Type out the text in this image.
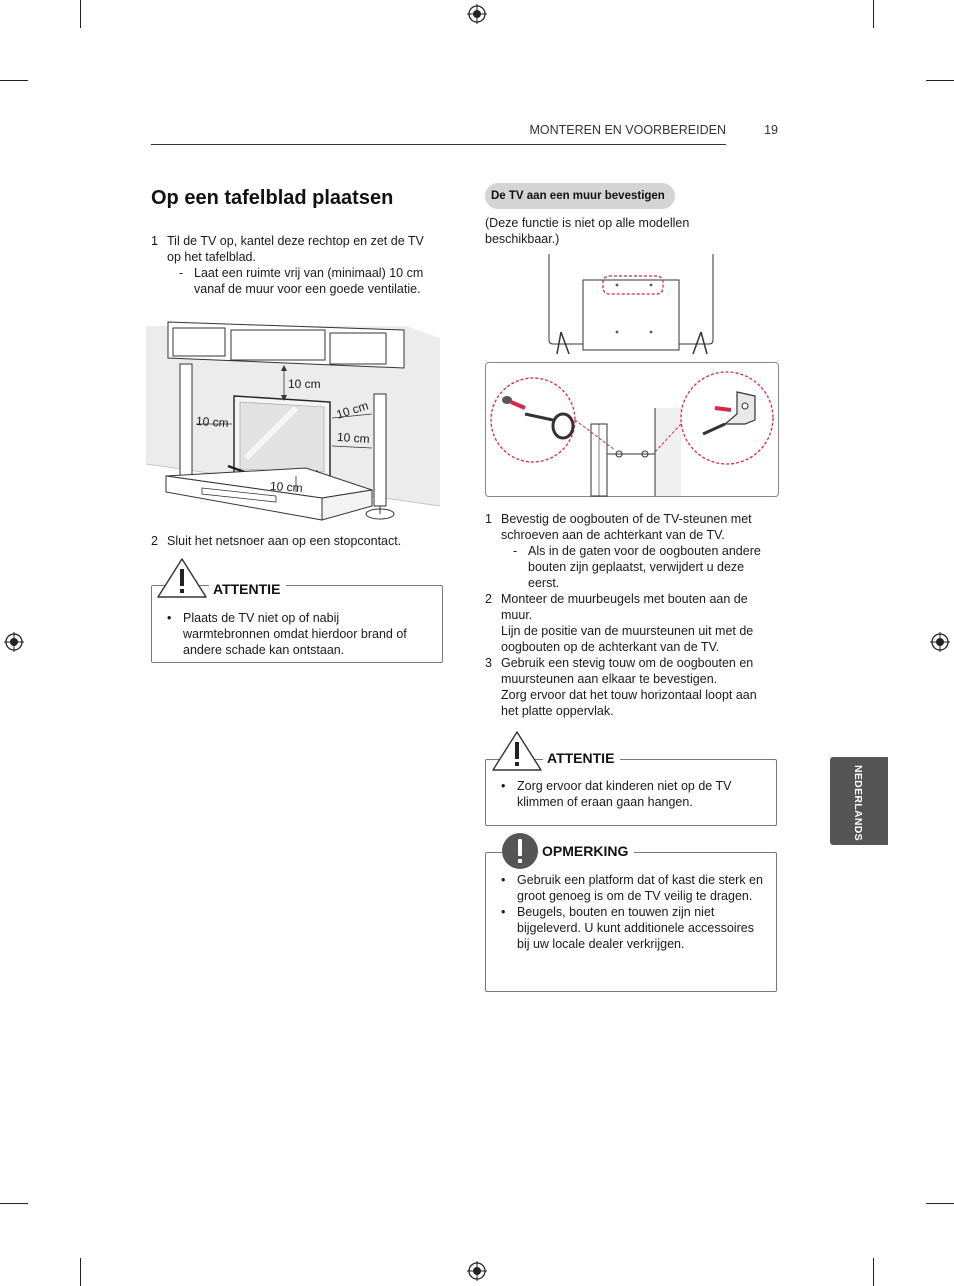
MONTEREN EN VOORBEREIDEN	19
Op een tafelblad plaatsen
1 Til de TV op, kantel deze rechtop en zet de TV op het tafelblad.
- Laat een ruimte vrij van (minimaal) 10 cm vanaf de muur voor een goede ventilatie.
10 cm
10 cm
10 cm
10 cm
10 cm
2 Sluit het netsnoer aan op een stopcontact.
ATTENTIE
• Plaats de TV niet op of nabij warmtebronnen omdat hierdoor brand of andere schade kan ontstaan.
De TV aan een muur bevestigen
(Deze functie is niet op alle modellen beschikbaar.)
1 Bevestig de oogbouten of de TV-steunen met schroeven aan de achterkant van de TV.
- Als in de gaten voor de oogbouten andere bouten zijn geplaatst, verwijdert u deze eerst.
2 Monteer de muurbeugels met bouten aan de muur.
Lijn de positie van de muursteunen uit met de oogbouten op de achterkant van de TV.
3 Gebruik een stevig touw om de oogbouten en muursteunen aan elkaar te bevestigen.
Zorg ervoor dat het touw horizontaal loopt aan het platte oppervlak.
ATTENTIE
• Zorg ervoor dat kinderen niet op de TV klimmen of eraan gaan hangen.
OPMERKING
• Gebruik een platform dat of kast die sterk en groot genoeg is om de TV veilig te dragen.
• Beugels, bouten en touwen zijn niet bijgeleverd. U kunt additionele accessoires bij uw locale dealer verkrijgen.
NEDERLANDS
